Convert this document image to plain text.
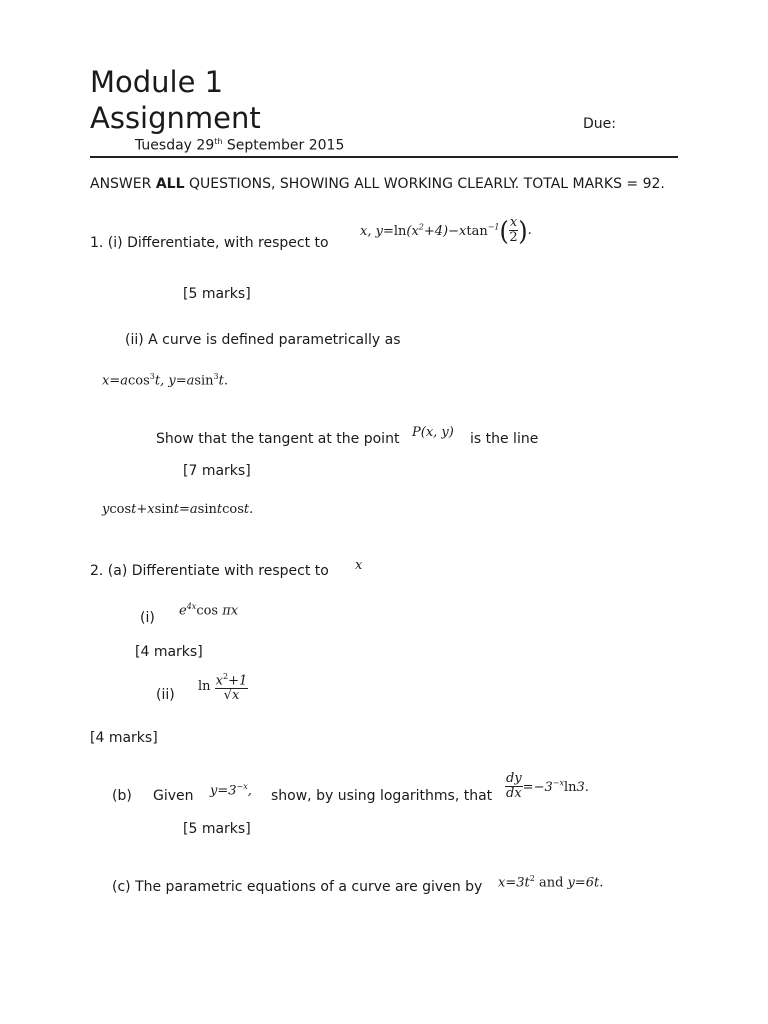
Module 1
Assignment	Due:
Tuesday 29th September 2015
ANSWER ALL QUESTIONS, SHOWING ALL WORKING CLEARLY. TOTAL MARKS = 92.
1. (i) Differentiate, with respect to
x, $y=\ln(x^2+4)-xtan^{-1}( \frac{x}{2}$ ).
[5 marks]
(ii) A curve is defined parametrically as
x=acos$^3$t, y=asin$^3$t.
Show that the tangent at the point P(x, y) is the line
[7 marks]
ycost+xsint=asintcost.
2. (a) Differentiate with respect to x
(i) $e^{4x}\cos$ πx
[4 marks]
(ii)
$\ln \frac{x^2+1}{√x}$
[4 marks]
(b) Given $y=3^{-x}$, show, by using logarithms, that $\frac{dy}{dx} =-3^{-x}\ln 3$.
[5 marks]
(c) The parametric equations of a curve are given by $x=3t^2$ and y=6t.
